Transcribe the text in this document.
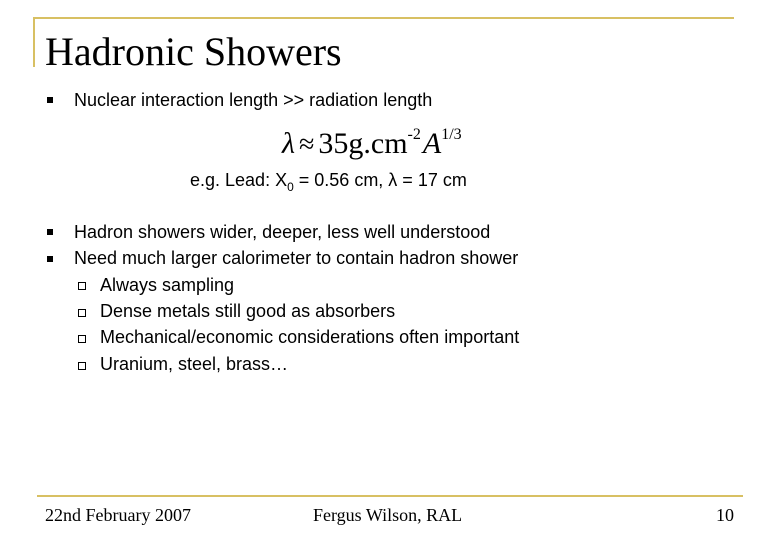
Hadronic Showers
Nuclear interaction length >> radiation length
λ ≈ 35g.cm-2A1/3
e.g. Lead: $X_0 = 0.56$ cm, λ = 17 cm
Hadron showers wider, deeper, less well understood
Need much larger calorimeter to contain hadron shower
Always sampling
Dense metals still good as absorbers
Mechanical/economic considerations often important
Uranium, steel, brass…
22nd February 2007	Fergus Wilson, RAL	10
